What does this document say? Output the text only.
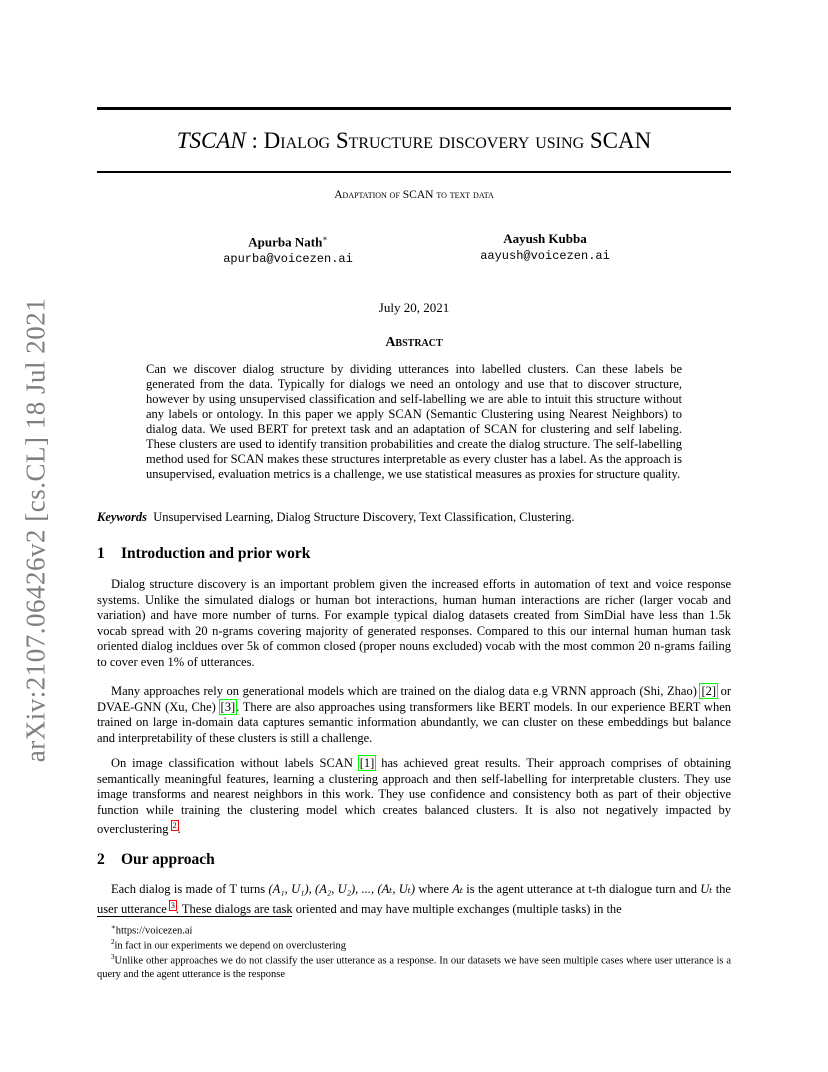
arXiv:2107.06426v2 [cs.CL] 18 Jul 2021
TSCAN : Dialog Structure discovery using SCAN
Adaptation of SCAN to text data
Apurba Nath∗
apurba@voicezen.ai
Aayush Kubba
aayush@voicezen.ai
July 20, 2021
Abstract

Can we discover dialog structure by dividing utterances into labelled clusters. Can these labels be generated from the data. Typically for dialogs we need an ontology and use that to discover structure, however by using unsupervised classification and self-labelling we are able to intuit this structure without any labels or ontology. In this paper we apply SCAN (Semantic Clustering using Nearest Neighbors) to dialog data. We used BERT for pretext task and an adaptation of SCAN for clustering and self labeling. These clusters are used to identify transition probabilities and create the dialog structure. The self-labelling method used for SCAN makes these structures interpretable as every cluster has a label. As the approach is unsupervised, evaluation metrics is a challenge, we use statistical measures as proxies for structure quality.

Keywords Unsupervised Learning, Dialog Structure Discovery, Text Classification, Clustering.
1 Introduction and prior work

Dialog structure discovery is an important problem given the increased efforts in automation of text and voice response systems. Unlike the simulated dialogs or human bot interactions, human human interactions are richer (larger vocab and variation) and have more number of turns. For example typical dialog datasets created from SimDial have less than 1.5k vocab spread with 20 n-grams covering majority of generated responses. Compared to this our internal human human task oriented dialog incldues over 5k of common closed (proper nouns excluded) vocab with the most common 20 n-grams failing to cover even 1% of utterances.

Many approaches rely on generational models which are trained on the dialog data e.g VRNN approach (Shi, Zhao) [2] or DVAE-GNN (Xu, Che) [3]. There are also approaches using transformers like BERT models. In our experience BERT when trained on large in-domain data captures semantic information abundantly, we can cluster on these embeddings but balance and interpretability of these clusters is still a challenge.

On image classification without labels SCAN [1] has achieved great results. Their approach comprises of obtaining semantically meaningful features, learning a clustering approach and then self-labelling for interpretable clusters. They use image transforms and nearest neighbors in this work. They use confidence and consistency both as part of their objective function while training the clustering model which creates balanced clusters. It is also not negatively impacted by overclustering $^2$.

2 Our approach

Each dialog is made of T turns (A₁, U₁), (A₂, U₂), ..., (Aₜ, Uₜ) where Aₜ is the agent utterance at t-th dialogue turn and Uₜ the user utterance $^3$. These dialogs are task oriented and may have multiple exchanges (multiple tasks) in the

∗https://voicezen.ai
$^2$in fact in our experiments we depend on overclustering
$^3$Unlike other approaches we do not classify the user utterance as a response. In our datasets we have seen multiple cases where user utterance is a query and the agent utterance is the response
